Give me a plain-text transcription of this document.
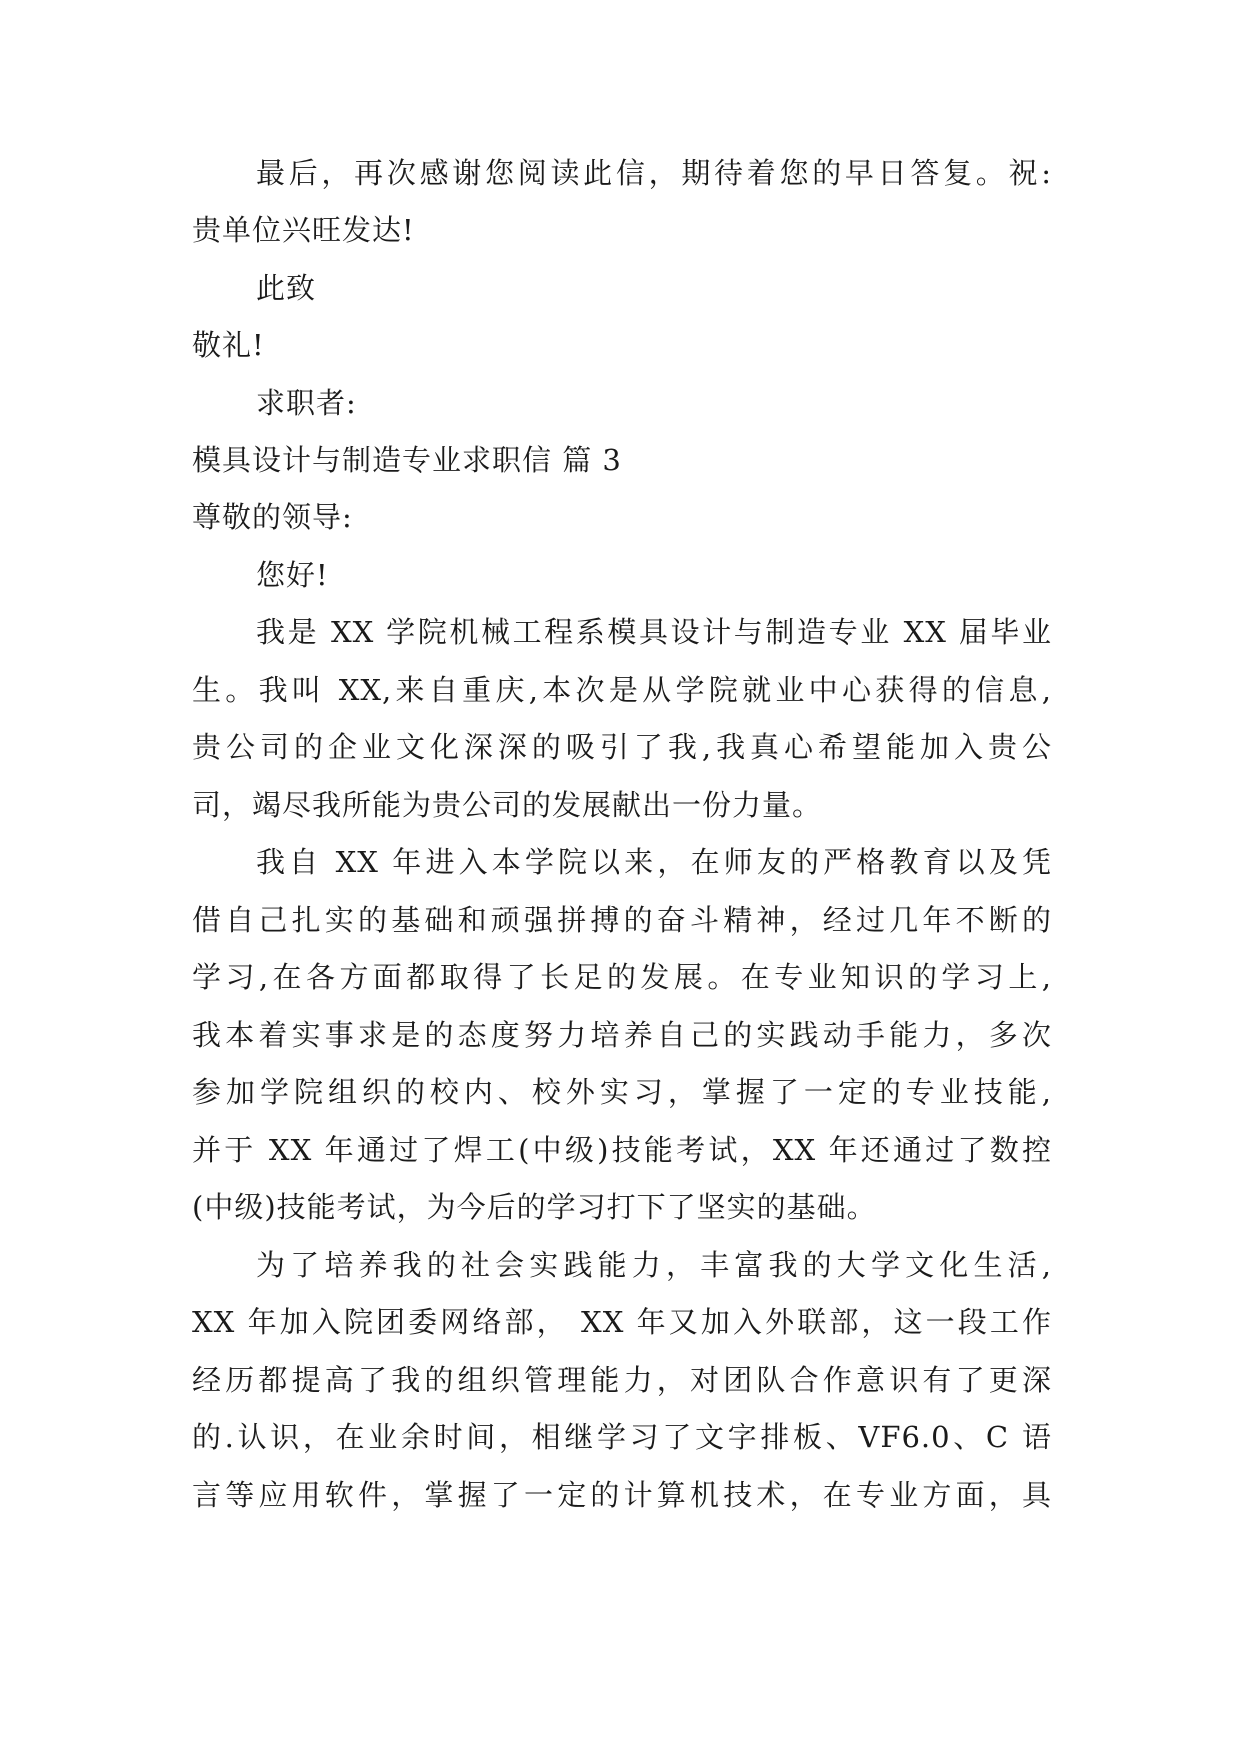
最后，再次感谢您阅读此信，期待着您的早日答复。祝:

贵单位兴旺发达!

此致

敬礼!

求职者:

模具设计与制造专业求职信 篇 3

尊敬的领导:

您好!

我是 XX 学院机械工程系模具设计与制造专业 XX 届毕业

生。我叫 XX,来自重庆,本次是从学院就业中心获得的信息,

贵公司的企业文化深深的吸引了我,我真心希望能加入贵公

司，竭尽我所能为贵公司的发展献出一份力量。

我自 XX 年进入本学院以来，在师友的严格教育以及凭

借自己扎实的基础和顽强拼搏的奋斗精神，经过几年不断的

学习,在各方面都取得了长足的发展。在专业知识的学习上,

我本着实事求是的态度努力培养自己的实践动手能力，多次

参加学院组织的校内、校外实习，掌握了一定的专业技能,

并于 XX 年通过了焊工(中级)技能考试，XX 年还通过了数控

(中级)技能考试，为今后的学习打下了坚实的基础。

为了培养我的社会实践能力，丰富我的大学文化生活,

XX 年加入院团委网络部， XX 年又加入外联部，这一段工作

经历都提高了我的组织管理能力，对团队合作意识有了更深

的.认识，在业余时间，相继学习了文字排板、VF6.0、C 语

言等应用软件，掌握了一定的计算机技术，在专业方面，具
